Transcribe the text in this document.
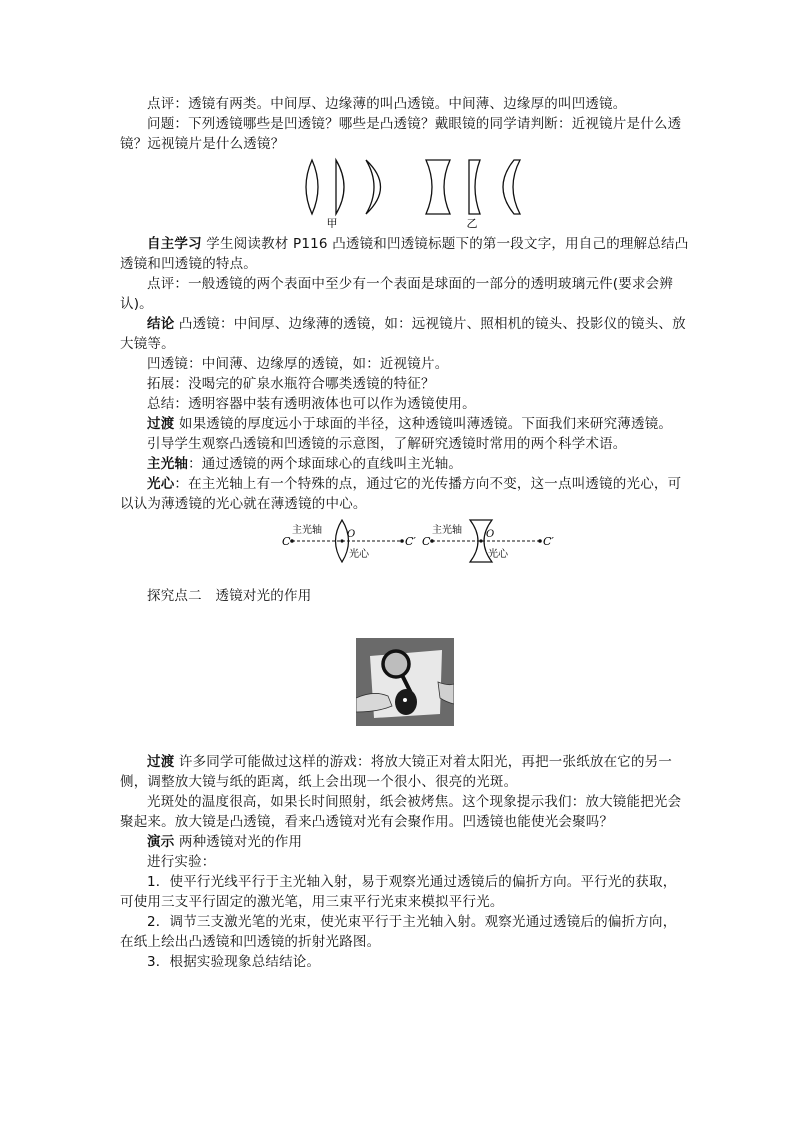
点评：透镜有两类。中间厚、边缘薄的叫凸透镜。中间薄、边缘厚的叫凹透镜。

问题：下列透镜哪些是凹透镜？哪些是凸透镜？戴眼镜的同学请判断：近视镜片是什么透镜？远视镜片是什么透镜？

甲	乙

自主学习 学生阅读教材 P116 凸透镜和凹透镜标题下的第一段文字，用自己的理解总结凸透镜和凹透镜的特点。

点评：一般透镜的两个表面中至少有一个表面是球面的一部分的透明玻璃元件(要求会辨认)。

结论 凸透镜：中间厚、边缘薄的透镜，如：远视镜片、照相机的镜头、投影仪的镜头、放大镜等。

凹透镜：中间薄、边缘厚的透镜，如：近视镜片。

拓展：没喝完的矿泉水瓶符合哪类透镜的特征？

总结：透明容器中装有透明液体也可以作为透镜使用。

过渡 如果透镜的厚度远小于球面的半径，这种透镜叫薄透镜。下面我们来研究薄透镜。

引导学生观察凸透镜和凹透镜的示意图，了解研究透镜时常用的两个科学术语。

主光轴：通过透镜的两个球面球心的直线叫主光轴。

光心：在主光轴上有一个特殊的点，通过它的光传播方向不变，这一点叫透镜的光心，可以认为薄透镜的光心就在薄透镜的中心。

C	C′
主光轴	O
光心
C	C′
主光轴 O
光心

探究点二　透镜对光的作用

过渡 许多同学可能做过这样的游戏：将放大镜正对着太阳光，再把一张纸放在它的另一侧，调整放大镜与纸的距离，纸上会出现一个很小、很亮的光斑。

光斑处的温度很高，如果长时间照射，纸会被烤焦。这个现象提示我们：放大镜能把光会聚起来。放大镜是凸透镜，看来凸透镜对光有会聚作用。凹透镜也能使光会聚吗？

演示 两种透镜对光的作用

进行实验：

1．使平行光线平行于主光轴入射，易于观察光通过透镜后的偏折方向。平行光的获取，可使用三支平行固定的激光笔，用三束平行光束来模拟平行光。

2．调节三支激光笔的光束，使光束平行于主光轴入射。观察光通过透镜后的偏折方向，在纸上绘出凸透镜和凹透镜的折射光路图。

3．根据实验现象总结结论。
